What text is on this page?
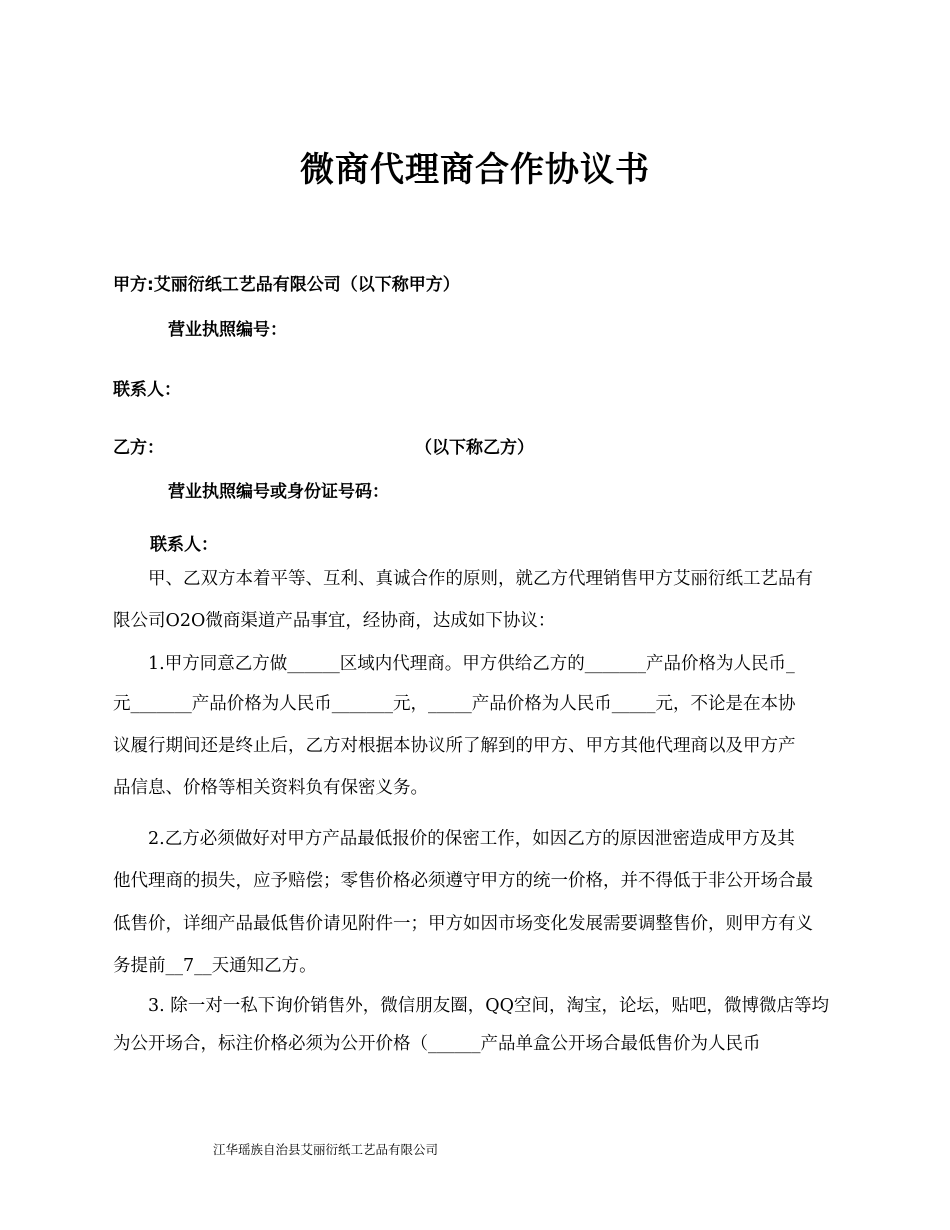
微商代理商合作协议书
甲方:艾丽衍纸工艺品有限公司（以下称甲方）
营业执照编号：
联系人：
乙方：	（以下称乙方）
营业执照编号或身份证号码：
联系人：
　　甲、乙双方本着平等、互利、真诚合作的原则，就乙方代理销售甲方艾丽衍纸工艺品有
限公司O2O微商渠道产品事宜，经协商，达成如下协议：
　　1.甲方同意乙方做______区域内代理商。甲方供给乙方的_______产品价格为人民币_
元_______产品价格为人民币_______元，_____产品价格为人民币_____元，不论是在本协
议履行期间还是终止后，乙方对根据本协议所了解到的甲方、甲方其他代理商以及甲方产
品信息、价格等相关资料负有保密义务。
　　2.乙方必须做好对甲方产品最低报价的保密工作，如因乙方的原因泄密造成甲方及其
他代理商的损失，应予赔偿；零售价格必须遵守甲方的统一价格，并不得低于非公开场合最
低售价，详细产品最低售价请见附件一；甲方如因市场变化发展需要调整售价，则甲方有义
务提前__7__天通知乙方。
　　3. 除一对一私下询价销售外，微信朋友圈，QQ空间，淘宝，论坛，贴吧，微博微店等均
为公开场合，标注价格必须为公开价格（______产品单盒公开场合最低售价为人民币
江华瑶族自治县艾丽衍纸工艺品有限公司
